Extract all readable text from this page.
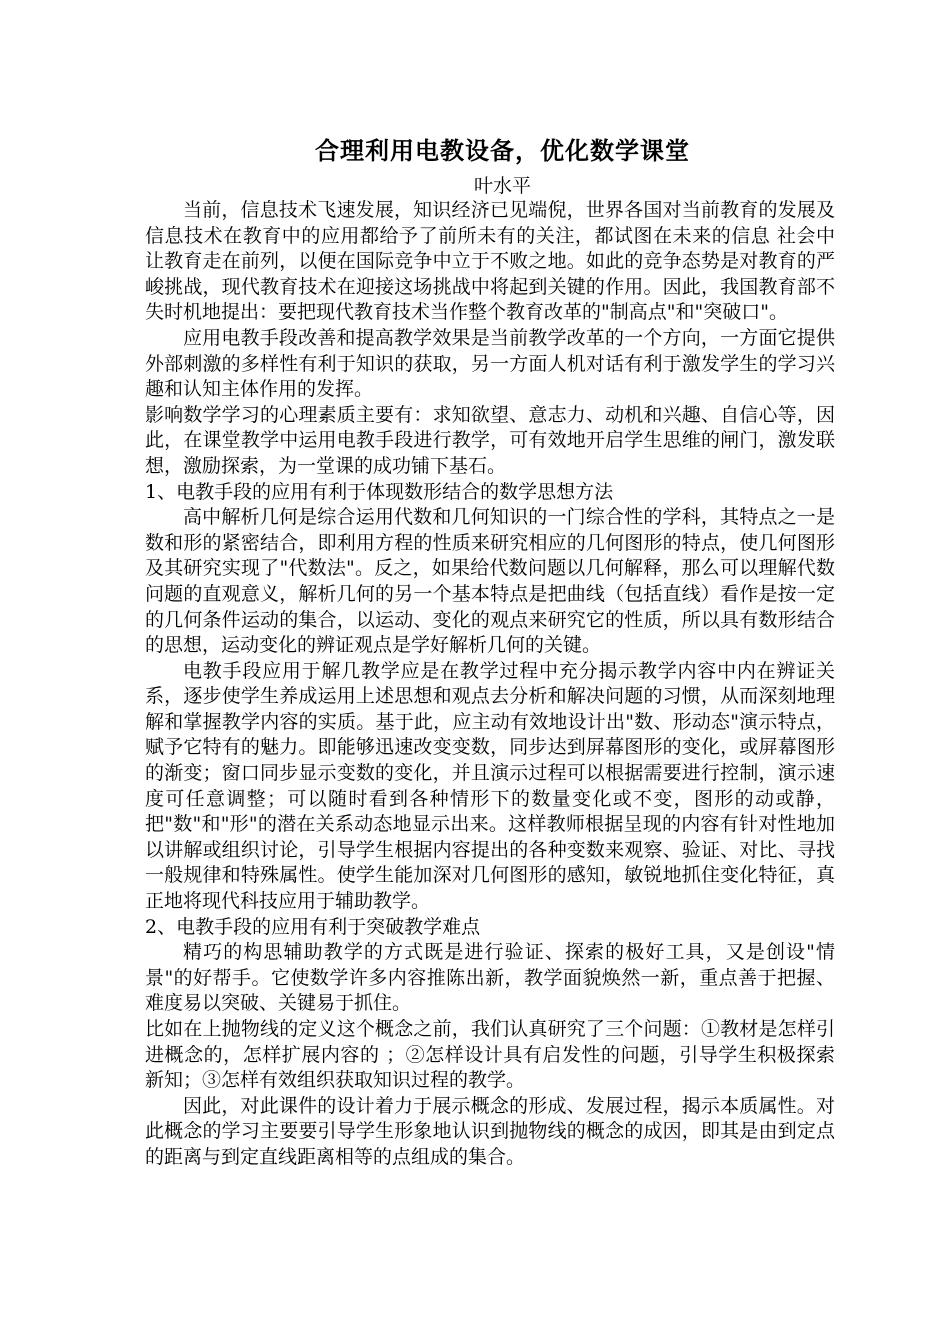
合理利用电教设备，优化数学课堂
叶水平

当前，信息技术飞速发展，知识经济已见端倪，世界各国对当前教育的发展及信息技术在教育中的应用都给予了前所未有的关注，都试图在未来的信息 社会中让教育走在前列，以便在国际竞争中立于不败之地。如此的竞争态势是对教育的严峻挑战，现代教育技术在迎接这场挑战中将起到关键的作用。因此，我国教育部不失时机地提出：要把现代教育技术当作整个教育改革的"制高点"和"突破口"。

应用电教手段改善和提高教学效果是当前教学改革的一个方向，一方面它提供外部刺激的多样性有利于知识的获取，另一方面人机对话有利于激发学生的学习兴趣和认知主体作用的发挥。

影响数学学习的心理素质主要有：求知欲望、意志力、动机和兴趣、自信心等，因此，在课堂教学中运用电教手段进行教学，可有效地开启学生思维的闸门，激发联想，激励探索，为一堂课的成功铺下基石。

1、电教手段的应用有利于体现数形结合的数学思想方法

高中解析几何是综合运用代数和几何知识的一门综合性的学科，其特点之一是数和形的紧密结合，即利用方程的性质来研究相应的几何图形的特点，使几何图形及其研究实现了"代数法"。反之，如果给代数问题以几何解释，那么可以理解代数问题的直观意义，解析几何的另一个基本特点是把曲线（包括直线）看作是按一定的几何条件运动的集合，以运动、变化的观点来研究它的性质，所以具有数形结合的思想，运动变化的辨证观点是学好解析几何的关键。

电教手段应用于解几教学应是在教学过程中充分揭示教学内容中内在辨证关系，逐步使学生养成运用上述思想和观点去分析和解决问题的习惯，从而深刻地理解和掌握教学内容的实质。基于此，应主动有效地设计出"数、形动态"演示特点，赋予它特有的魅力。即能够迅速改变变数，同步达到屏幕图形的变化，或屏幕图形的渐变；窗口同步显示变数的变化，并且演示过程可以根据需要进行控制，演示速度可任意调整；可以随时看到各种情形下的数量变化或不变，图形的动或静，把"数"和"形"的潜在关系动态地显示出来。这样教师根据呈现的内容有针对性地加以讲解或组织讨论，引导学生根据内容提出的各种变数来观察、验证、对比、寻找一般规律和特殊属性。使学生能加深对几何图形的感知，敏锐地抓住变化特征，真正地将现代科技应用于辅助教学。

2、电教手段的应用有利于突破教学难点

精巧的构思辅助教学的方式既是进行验证、探索的极好工具，又是创设"情景"的好帮手。它使数学许多内容推陈出新，教学面貌焕然一新，重点善于把握、难度易以突破、关键易于抓住。

比如在上抛物线的定义这个概念之前，我们认真研究了三个问题：①教材是怎样引进概念的，怎样扩展内容的 ；②怎样设计具有启发性的问题，引导学生积极探索新知；③怎样有效组织获取知识过程的教学。

因此，对此课件的设计着力于展示概念的形成、发展过程，揭示本质属性。对此概念的学习主要要引导学生形象地认识到抛物线的概念的成因，即其是由到定点的距离与到定直线距离相等的点组成的集合。
